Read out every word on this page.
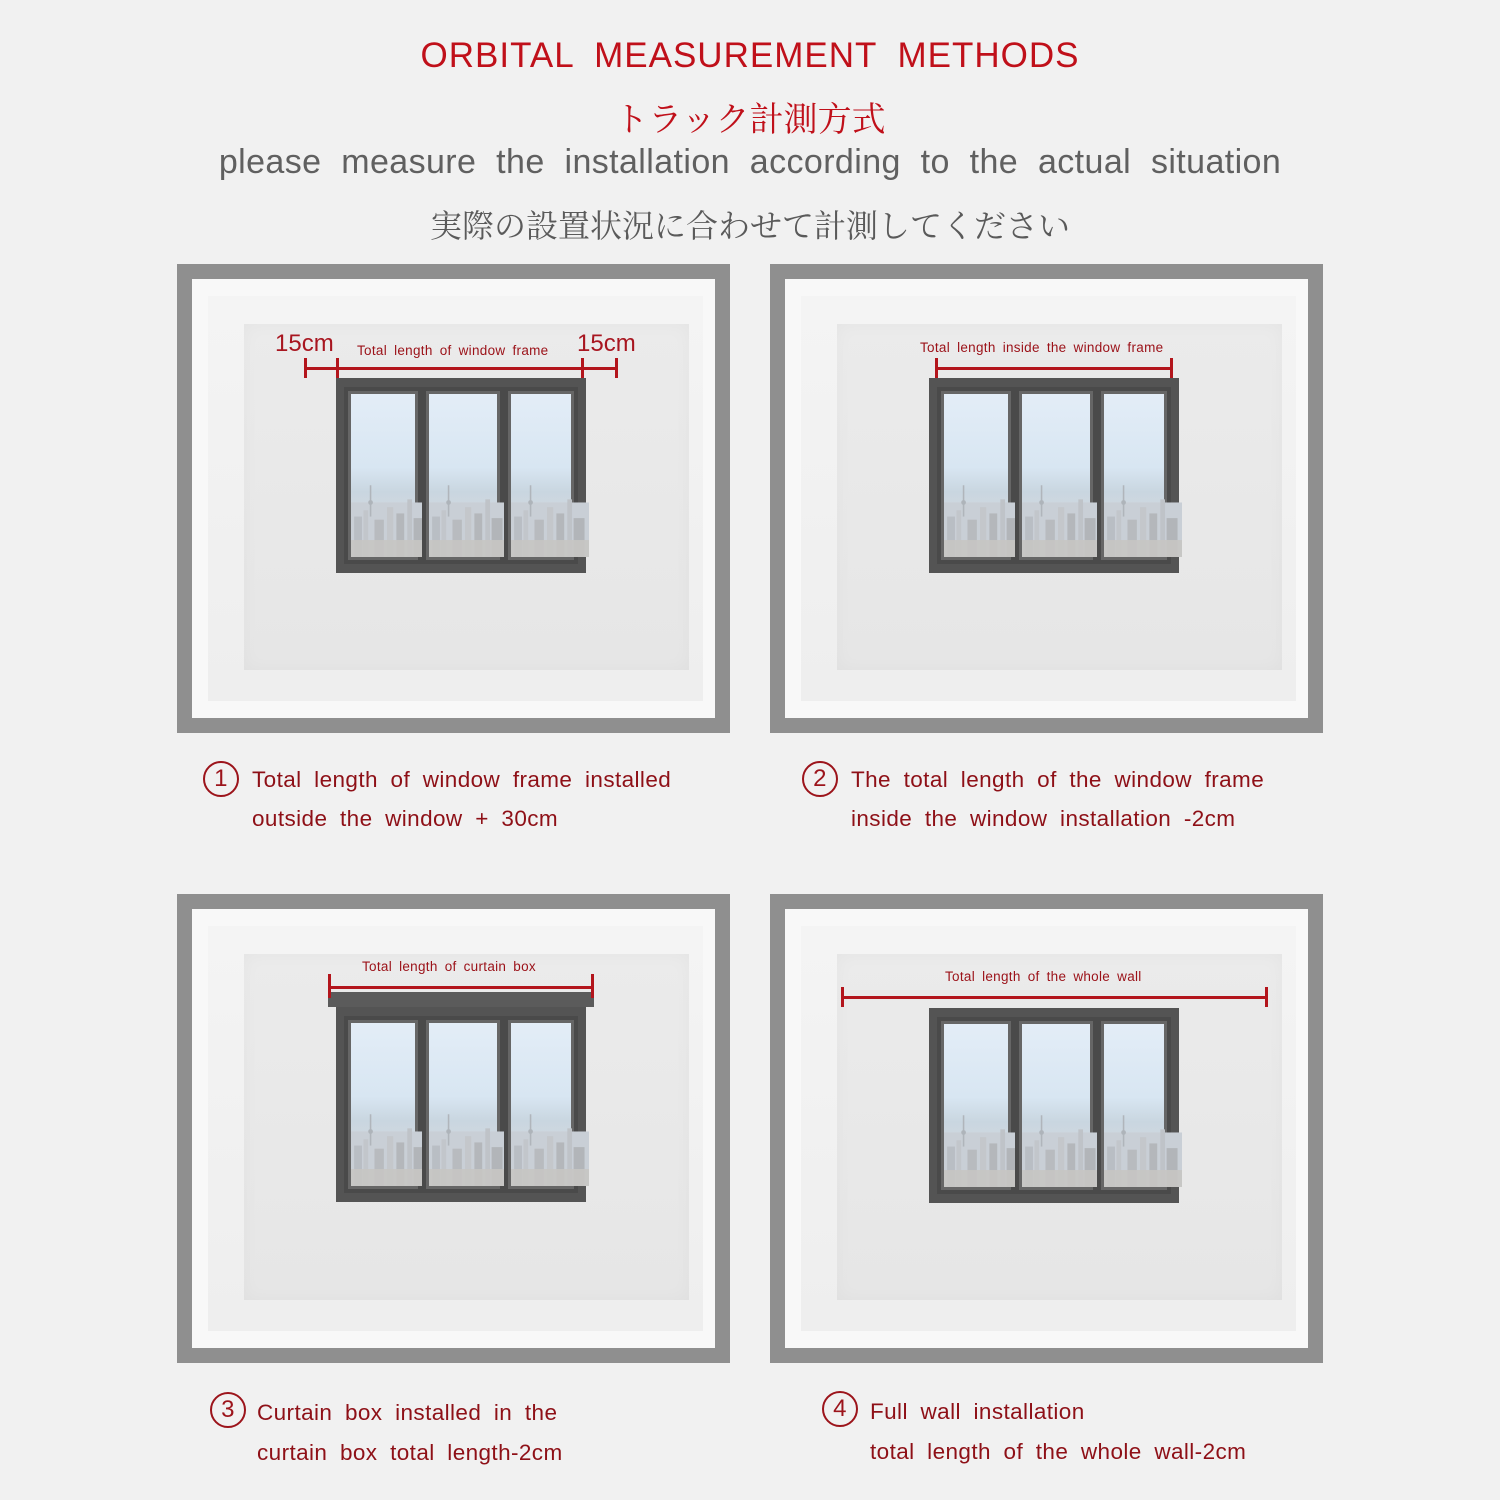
ORBITAL MEASUREMENT METHODS
トラック計測方式
please measure the installation according to the actual situation
実際の設置状況に合わせて計測してください
15cm Total length of window frame 15cm	Total length inside the window frame
Total length of curtain box
Total length of the whole wall
1	Total length of window frame installed
outside the window + 30cm
2	The total length of the window frame
inside the window installation -2cm
3 Curtain box installed in the
curtain box total length-2cm
4	Full wall installation
total length of the whole wall-2cm
